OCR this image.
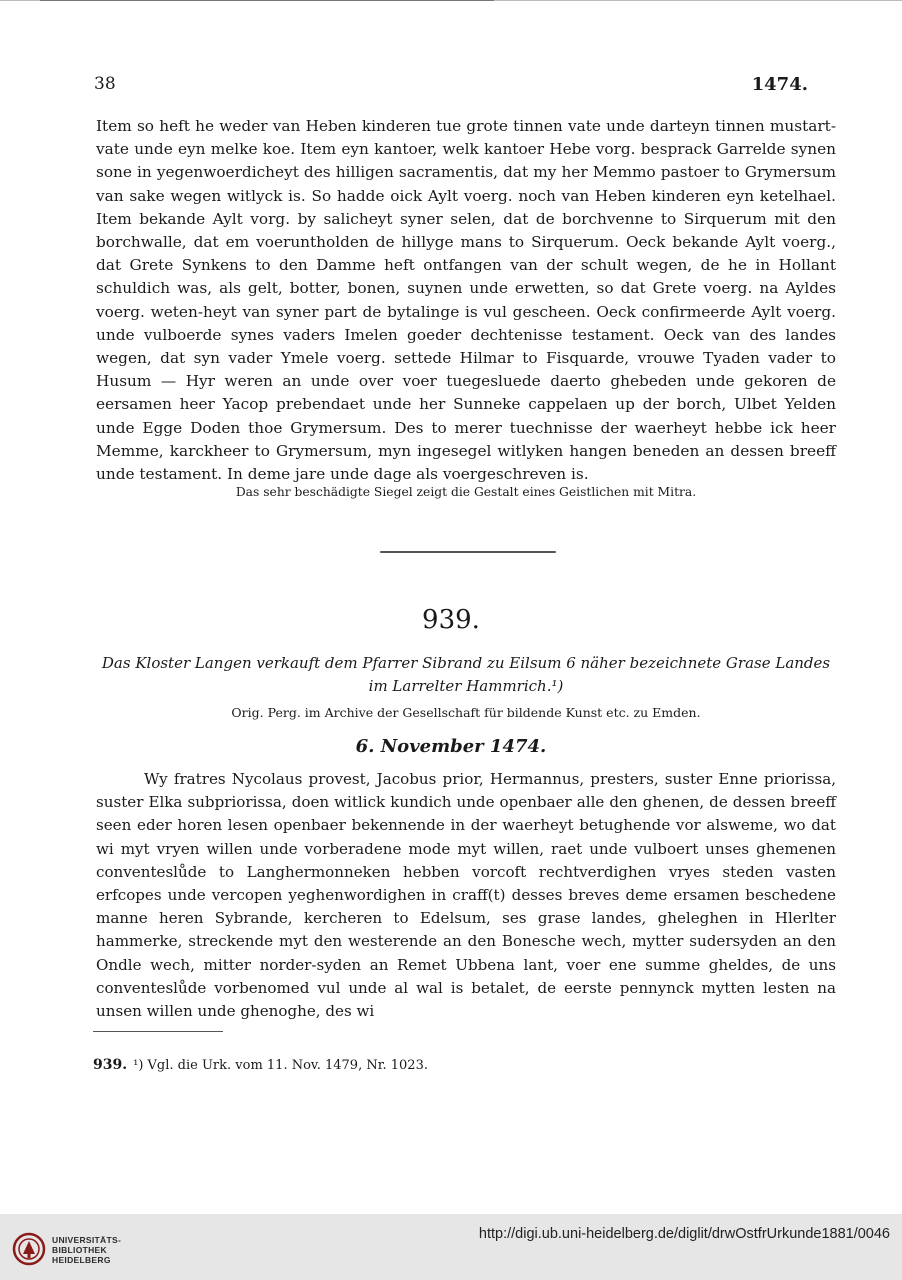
38	1474.

Item so heft he weder van Heben kinderen tue grote tinnen vate unde darteyn tinnen mustart-vate unde eyn melke koe. Item eyn kantoer, welk kantoer Hebe vorg. besprack Garrelde synen sone in yegenwoerdicheyt des hilligen sacramentis, dat my her Memmo pastoer to Grymersum van sake wegen witlyck is. So hadde oick Aylt voerg. noch van Heben kinderen eyn ketelhael. Item bekande Aylt vorg. by salicheyt syner selen, dat de borchvenne to Sirquerum mit den borchwalle, dat em voeruntholden de hillyge mans to Sirquerum. Oeck bekande Aylt voerg., dat Grete Synkens to den Damme heft ontfangen van der schult wegen, de he in Hollant schuldich was, als gelt, botter, bonen, suynen unde erwetten, so dat Grete voerg. na Ayldes voerg. weten-heyt van syner part de bytalinge is vul gescheen. Oeck confirmeerde Aylt voerg. unde vulboerde synes vaders Imelen goeder dechtenisse testament. Oeck van des landes wegen, dat syn vader Ymele voerg. settede Hilmar to Fisquarde, vrouwe Tyaden vader to Husum — Hyr weren an unde over voer tuegesluede daerto ghebeden unde gekoren de eersamen heer Yacop prebendaet unde her Sunneke cappelaen up der borch, Ulbet Yelden unde Egge Doden thoe Grymersum. Des to merer tuechnisse der waerheyt hebbe ick heer Memme, karckheer to Grymersum, myn ingesegel witlyken hangen beneden an dessen breeff unde testament. In deme jare unde dage als voergeschreven is.

Das sehr beschädigte Siegel zeigt die Gestalt eines Geistlichen mit Mitra.
939.
Das Kloster Langen verkauft dem Pfarrer Sibrand zu Eilsum 6 näher bezeichnete Grase Landes im Larrelter Hammrich.¹)
Orig. Perg. im Archive der Gesellschaft für bildende Kunst etc. zu Emden.
6. November 1474.

Wy fratres Nycolaus provest, Jacobus prior, Hermannus, presters, suster Enne priorissa, suster Elka subpriorissa, doen witlick kundich unde openbaer alle den ghenen, de dessen breeff seen eder horen lesen openbaer bekennende in der waerheyt betughende vor alsweme, wo dat wi myt vryen willen unde vorberadene mode myt willen, raet unde vulboert unses ghemenen conventeslůde to Langhermonneken hebben vorcoft rechtverdighen vryes steden vasten erfcopes unde vercopen yeghenwordighen in craff(t) desses breves deme ersamen beschedene manne heren Sybrande, kercheren to Edelsum, ses grase landes, gheleghen in Hlerlter hammerke, streckende myt den westerende an den Bonesche wech, mytter sudersyden an den Ondle wech, mitter norder-syden an Remet Ubbena lant, voer ene summe gheldes, de uns conventeslůde vorbenomed vul unde al wal is betalet, de eerste pennynck mytten lesten na unsen willen unde ghenoghe, des wi

939. ¹) Vgl. die Urk. vom 11. Nov. 1479, Nr. 1023.
UNIVERSITÄTS-
BIBLIOTHEK
HEIDELBERG
http://digi.ub.uni-heidelberg.de/diglit/drwOstfrUrkunde1881/0046
